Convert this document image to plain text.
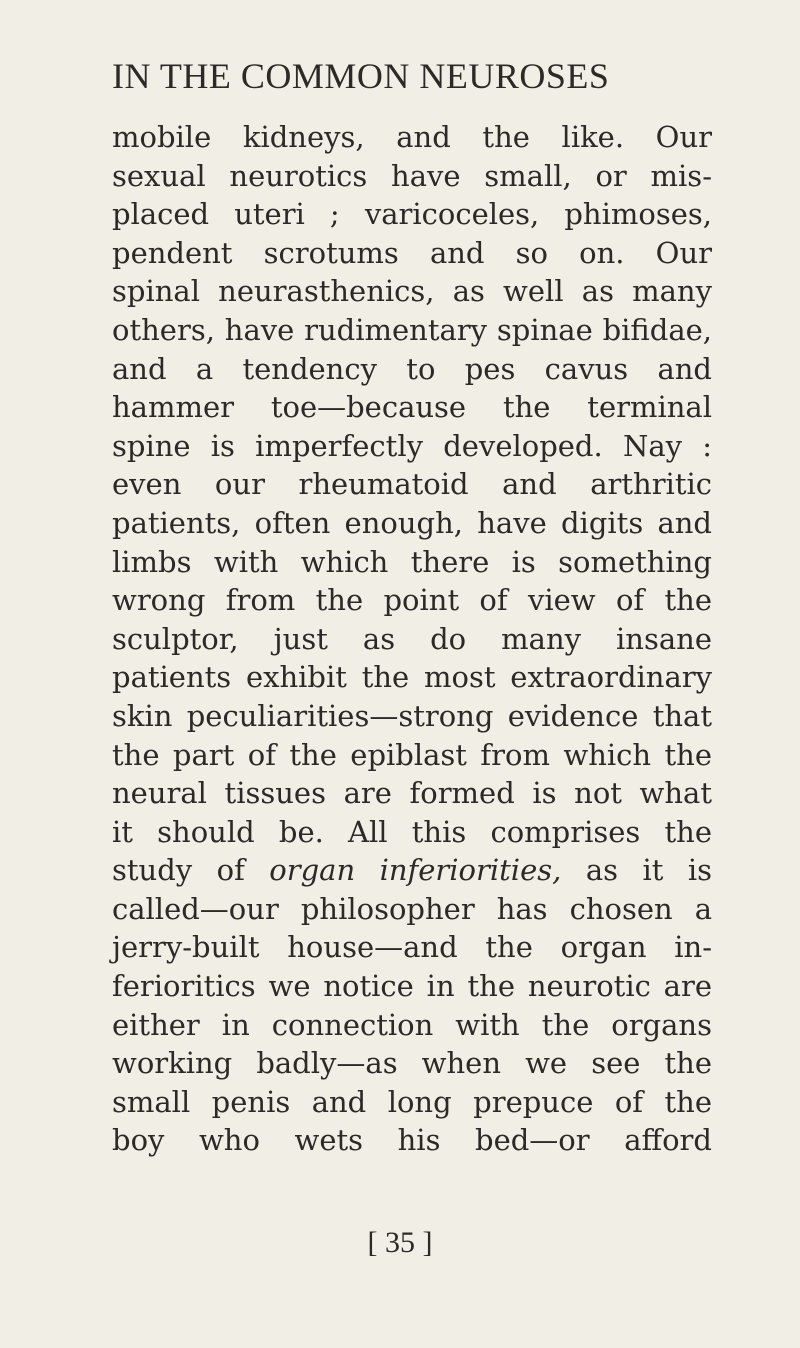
IN THE COMMON NEUROSES
mobile kidneys, and the like. Our
sexual neurotics have small, or mis-
placed uteri ; varicoceles, phimoses,
pendent scrotums and so on. Our
spinal neurasthenics, as well as many
others, have rudimentary spinae bifidae,
and a tendency to pes cavus and
hammer toe—because the terminal
spine is imperfectly developed. Nay :
even our rheumatoid and arthritic
patients, often enough, have digits and
limbs with which there is something
wrong from the point of view of the
sculptor, just as do many insane
patients exhibit the most extraordinary
skin peculiarities—strong evidence that
the part of the epiblast from which the
neural tissues are formed is not what
it should be. All this comprises the
study of organ inferiorities, as it is
called—our philosopher has chosen a
jerry-built house—and the organ in-
ferioritics we notice in the neurotic are
either in connection with the organs
working badly—as when we see the
small penis and long prepuce of the
boy who wets his bed—or afford
[ 35 ]
